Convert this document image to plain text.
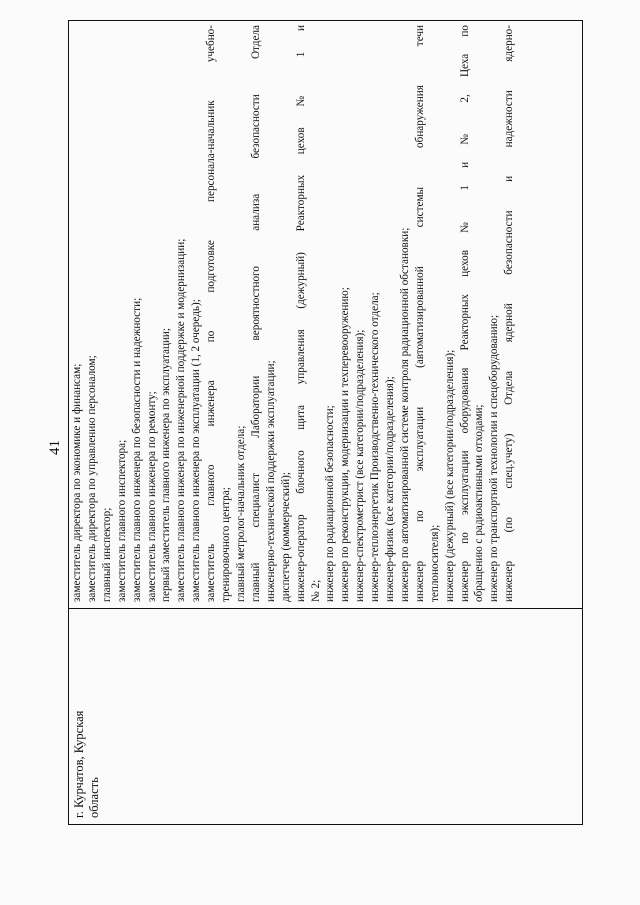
41
г. Курчатов, Курская область
заместитель директора по экономике и финансам; заместитель директора по управлению персоналом; главный инспектор; заместитель главного инспектора; заместитель главного инженера по безопасности и надежности; заместитель главного инженера по ремонту; первый заместитель главного инженера по эксплуатации; заместитель главного инженера по инженерной поддержке и модернизации; заместитель главного инженера по эксплуатации (1, 2 очередь); заместитель главного инженера по подготовке персонала-начальник учебно- тренировочного центра; главный метролог-начальник отдела; главный специалист Лаборатории вероятностного анализа безопасности Отдела инженерно-технической поддержки эксплуатации; диспетчер (коммерческий); инженер-оператор блочного щита управления (дежурный) Реакторных цехов № 1 и № 2; инженер по радиационной безопасности; инженер по реконструкции, модернизации и техперевооружению; инженер-спектрометрист (все категории/подразделения); инженер-теплоэнергетик Производственно-технического отдела; инженер-физик (все категории/подразделения); инженер по автоматизированной системе контроля радиационной обстановки; инженер по эксплуатации (автоматизированной системы обнаружения течи теплоносителя); инженер (дежурный) (все категории/подразделения); инженер по эксплуатации оборудования Реакторных цехов № 1 и № 2, Цеха по обращению с радиоактивными отходами; инженер по транспортной технологии и спецоборудованию; инженер (по спец.учету) Отдела ядерной безопасности и надежности ядерно-
